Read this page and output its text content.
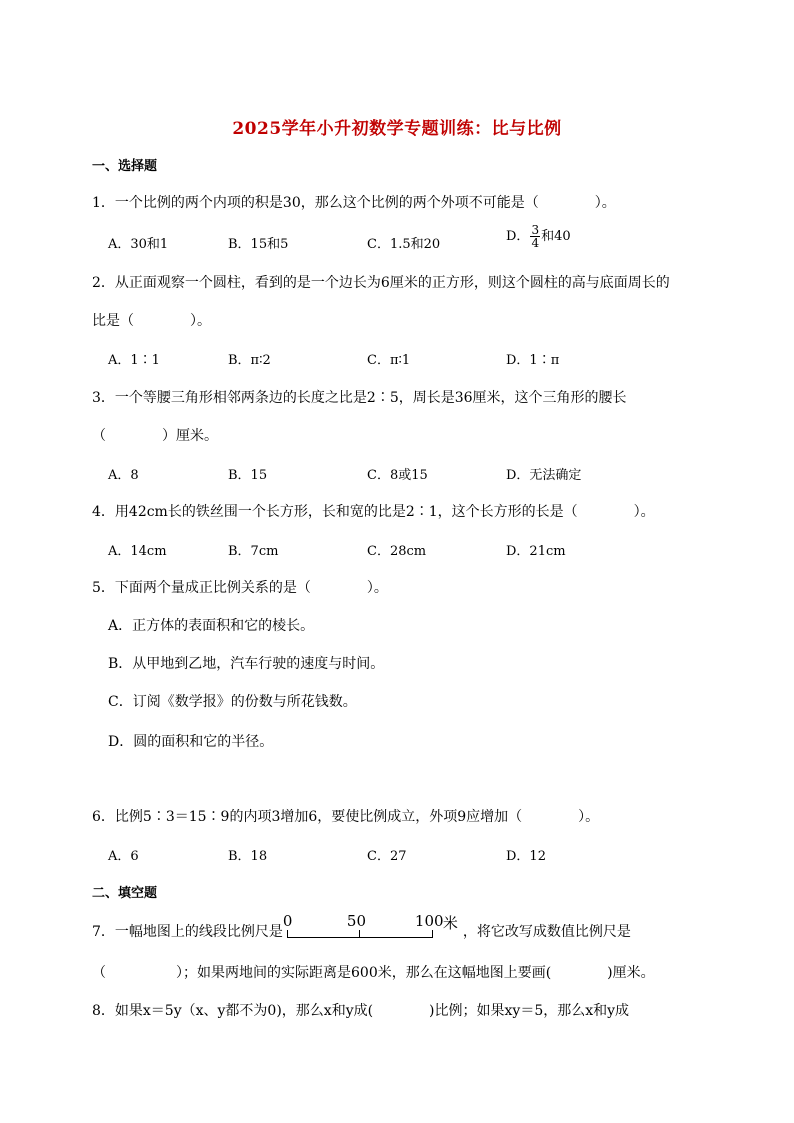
2025学年小升初数学专题训练：比与比例
一、选择题
1．一个比例的两个内项的积是30，那么这个比例的两个外项不可能是（　　　　）。
A．30和1	B．15和5	C．1.5和20
D． $\frac{3}{4}$ 和40
2．从正面观察一个圆柱，看到的是一个边长为6厘米的正方形，则这个圆柱的高与底面周长的
比是（　　　　）。
A．1∶1	B．π∶2	C．π∶1	D．1∶π
3．一个等腰三角形相邻两条边的长度之比是2∶5，周长是36厘米，这个三角形的腰长
（　　　　）厘米。
A．8	B．15	C．8或15	D．无法确定
4．用42cm长的铁丝围一个长方形，长和宽的比是2∶1，这个长方形的长是（　　　　）。
A．14cm	B．7cm	C．28cm	D．21cm
5．下面两个量成正比例关系的是（　　　　）。
A．正方体的表面积和它的棱长。
B．从甲地到乙地，汽车行驶的速度与时间。
C．订阅《数学报》的份数与所花钱数。
D．圆的面积和它的半径。
6．比例5∶3＝15∶9的内项3增加6，要使比例成立，外项9应增加（　　　　）。
A．6	B．18	C．27	D．12
二、填空题
7．一幅地图上的线段比例尺是
0	50	100 米 ，将它改写成数值比例尺是
（　　　　　）；如果两地间的实际距离是600米，那么在这幅地图上要画(　　　　)厘米。
8．如果x＝5y（x、y都不为0)，那么x和y成(　　　　)比例；如果xy＝5，那么x和y成
